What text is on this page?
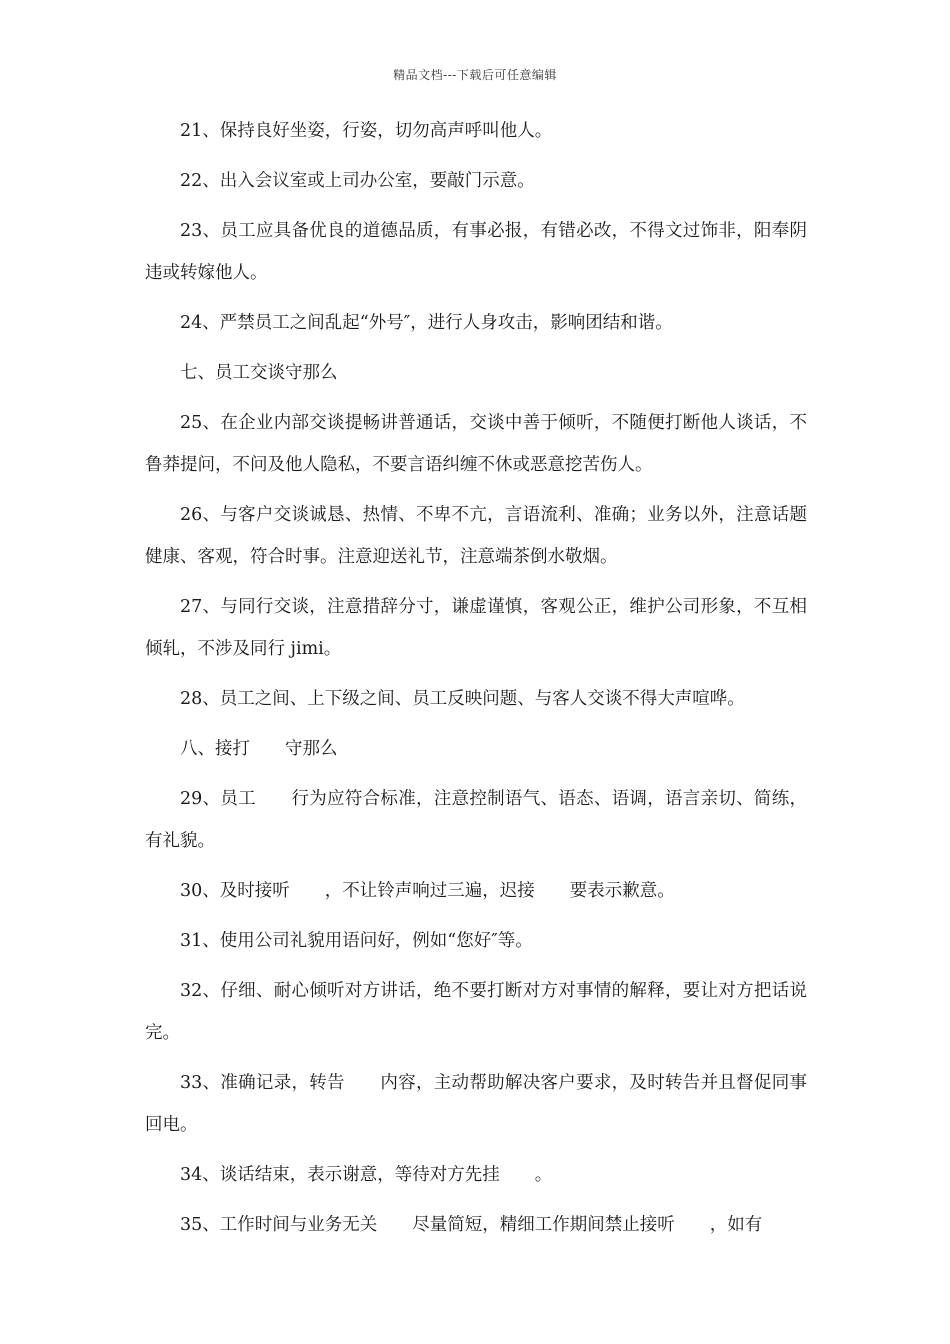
精品文档---下载后可任意编辑

21、保持良好坐姿，行姿，切勿高声呼叫他人。

22、出入会议室或上司办公室，要敲门示意。

23、员工应具备优良的道德品质，有事必报，有错必改，不得文过饰非，阳奉阴违或转嫁他人。

24、严禁员工之间乱起“外号″，进行人身攻击，影响团结和谐。

七、员工交谈守那么

25、在企业内部交谈提畅讲普通话，交谈中善于倾听，不随便打断他人谈话，不鲁莽提问，不问及他人隐私，不要言语纠缠不休或恶意挖苦伤人。

26、与客户交谈诚恳、热情、不卑不亢，言语流利、准确；业务以外，注意话题健康、客观，符合时事。注意迎送礼节，注意端茶倒水敬烟。

27、与同行交谈，注意措辞分寸，谦虚谨慎，客观公正，维护公司形象，不互相倾轧，不涉及同行 jimi。

28、员工之间、上下级之间、员工反映问题、与客人交谈不得大声喧哗。

八、接打　　守那么

29、员工　　行为应符合标准，注意控制语气、语态、语调，语言亲切、简练，有礼貌。

30、及时接听　　，不让铃声响过三遍，迟接　　要表示歉意。

31、使用公司礼貌用语问好，例如“您好″等。

32、仔细、耐心倾听对方讲话，绝不要打断对方对事情的解释，要让对方把话说完。

33、准确记录，转告　　内容，主动帮助解决客户要求，及时转告并且督促同事回电。

34、谈话结束，表示谢意，等待对方先挂　　。

35、工作时间与业务无关　　尽量简短，精细工作期间禁止接听　　，如有
